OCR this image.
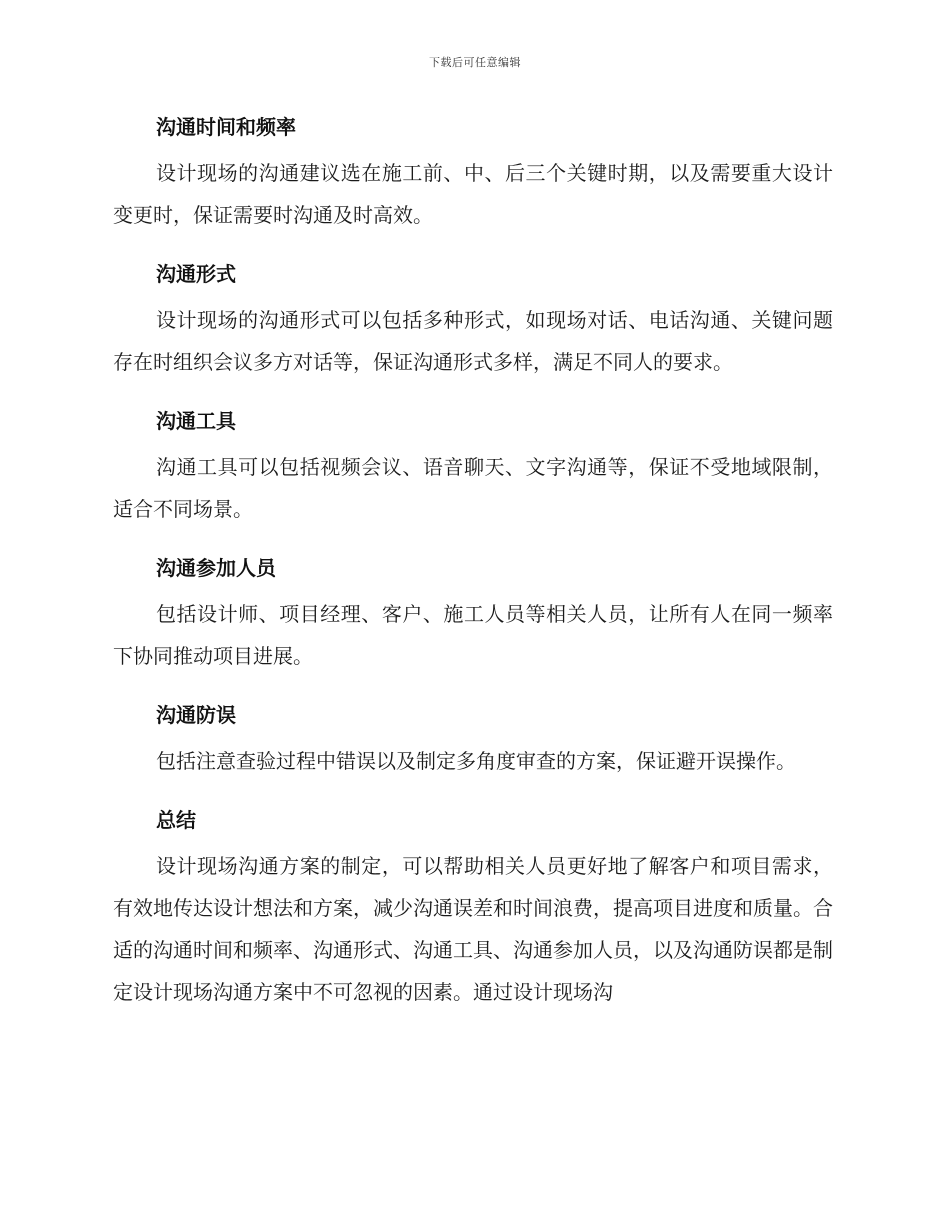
下载后可任意编辑
沟通时间和频率

设计现场的沟通建议选在施工前、中、后三个关键时期，以及需要重大设计变更时，保证需要时沟通及时高效。

沟通形式

设计现场的沟通形式可以包括多种形式，如现场对话、电话沟通、关键问题存在时组织会议多方对话等，保证沟通形式多样，满足不同人的要求。

沟通工具

沟通工具可以包括视频会议、语音聊天、文字沟通等，保证不受地域限制，适合不同场景。

沟通参加人员

包括设计师、项目经理、客户、施工人员等相关人员，让所有人在同一频率下协同推动项目进展。

沟通防误

包括注意查验过程中错误以及制定多角度审查的方案，保证避开误操作。

总结

设计现场沟通方案的制定，可以帮助相关人员更好地了解客户和项目需求，有效地传达设计想法和方案，减少沟通误差和时间浪费，提高项目进度和质量。合适的沟通时间和频率、沟通形式、沟通工具、沟通参加人员，以及沟通防误都是制定设计现场沟通方案中不可忽视的因素。通过设计现场沟
